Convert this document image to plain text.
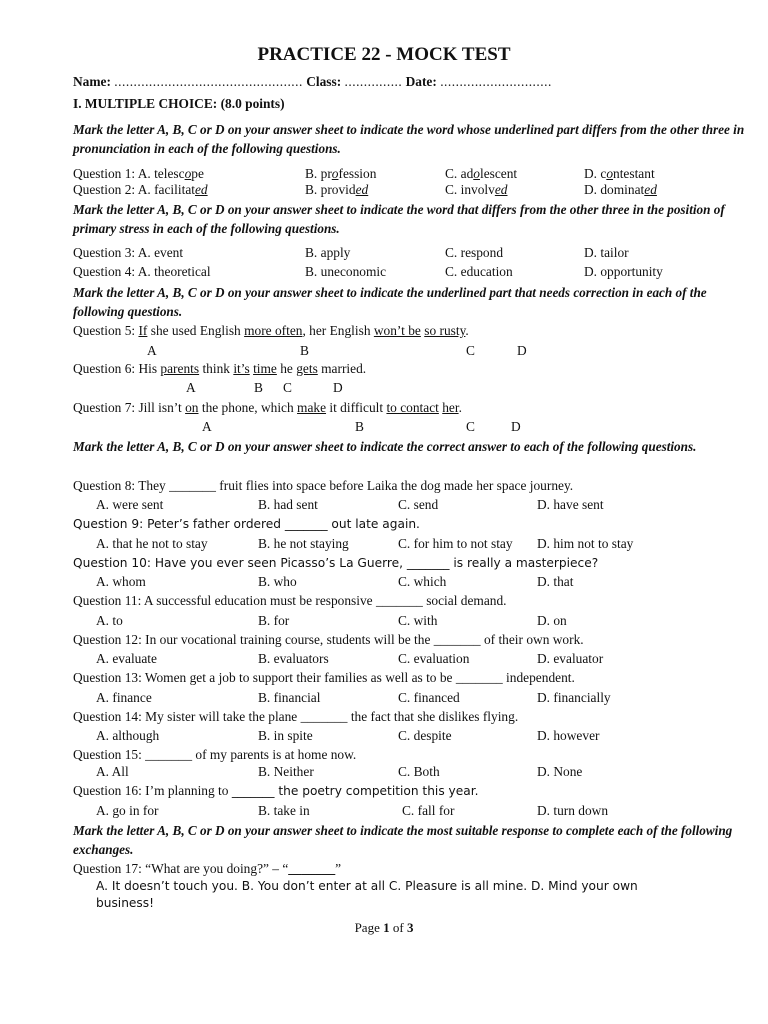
PRACTICE 22 - MOCK TEST
Name: ................................................. Class: ............... Date: .............................
I. MULTIPLE CHOICE: (8.0 points)
Mark the letter A, B, C or D on your answer sheet to indicate the word whose underlined part differs from the other three in pronunciation in each of the following questions.
Question 1: A. telescope	B. profession	C. adolescent	D. contestant
Question 2: A. facilitated	B. provided	C. involved	D. dominated
Mark the letter A, B, C or D on your answer sheet to indicate the word that differs from the other three in the position of primary stress in each of the following questions.
Question 3: A. event	B. apply	C. respond	D. tailor
Question 4: A. theoretical	B. uneconomic	C. education	D. opportunity
Mark the letter A, B, C or D on your answer sheet to indicate the underlined part that needs correction in each of the following questions.
Question 5: If she used English more often, her English won’t be so rusty.
A	B	C	D
Question 6: His parents think it’s time he gets married.
A	B C	D
Question 7: Jill isn’t on the phone, which make it difficult to contact her.
A	B	C	D
Mark the letter A, B, C or D on your answer sheet to indicate the correct answer to each of the following questions.
Question 8: They _______ fruit flies into space before Laika the dog made her space journey.
A. were sent	B. had sent	C. send	D. have sent
Question 9: Peter’s father ordered _______ out late again.
A. that he not to stay	B. he not staying	C. for him to not stay D. him not to stay
Question 10: Have you ever seen Picasso’s La Guerre, _______ is really a masterpiece?
A. whom	B. who	C. which	D. that
Question 11: A successful education must be responsive _______ social demand.
A. to	B. for	C. with	D. on
Question 12: In our vocational training course, students will be the _______ of their own work.
A. evaluate	B. evaluators	C. evaluation	D. evaluator
Question 13: Women get a job to support their families as well as to be _______ independent.
A. finance	B. financial	C. financed	D. financially
Question 14: My sister will take the plane _______ the fact that she dislikes flying.
A. although	B. in spite	C. despite	D. however
Question 15: _______ of my parents is at home now.
A. All	B. Neither	C. Both	D. None
Question 16: I’m planning to _______ the poetry competition this year.
A. go in for	B. take in	C. fall for	D. turn down
Mark the letter A, B, C or D on your answer sheet to indicate the most suitable response to complete each of the following exchanges.
Question 17: “What are you doing?” – “_______”
A. It doesn’t touch you. B. You don’t enter at all C. Pleasure is all mine. D. Mind your own
business!
Page 1 of 3
